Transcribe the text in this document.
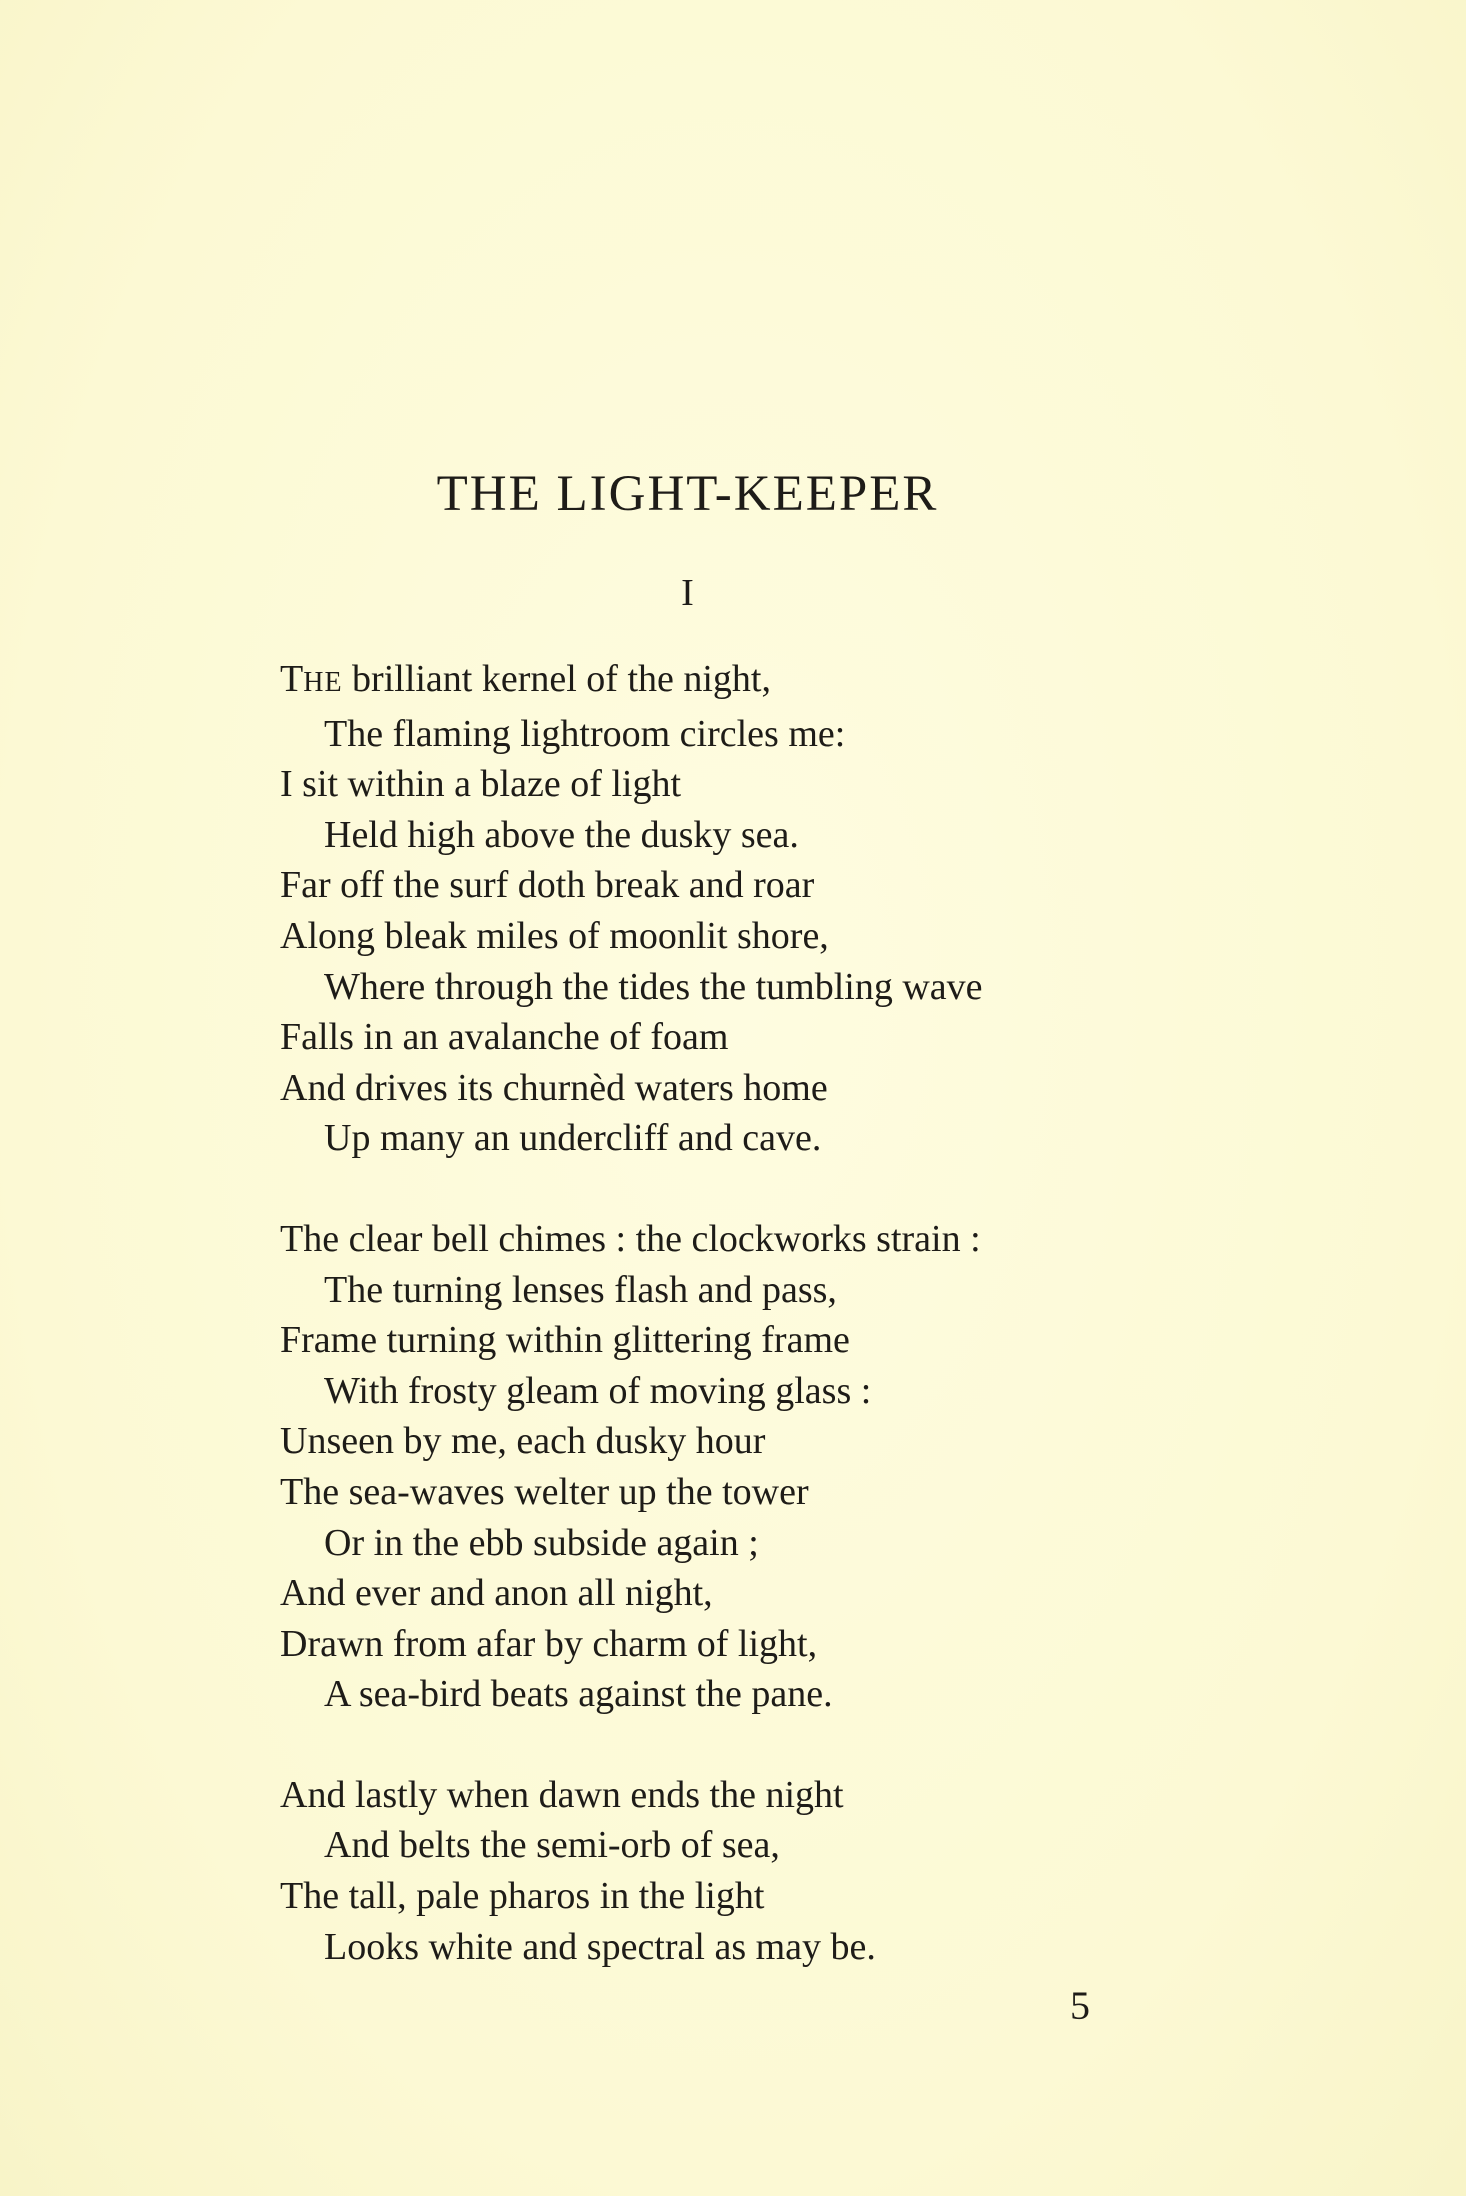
THE LIGHT-KEEPER
I
THE brilliant kernel of the night,
The flaming lightroom circles me:
I sit within a blaze of light
Held high above the dusky sea.
Far off the surf doth break and roar
Along bleak miles of moonlit shore,
Where through the tides the tumbling wave
Falls in an avalanche of foam
And drives its churnèd waters home
Up many an undercliff and cave.
The clear bell chimes : the clockworks strain :
The turning lenses flash and pass,
Frame turning within glittering frame
With frosty gleam of moving glass :
Unseen by me, each dusky hour
The sea-waves welter up the tower
Or in the ebb subside again ;
And ever and anon all night,
Drawn from afar by charm of light,
A sea-bird beats against the pane.
And lastly when dawn ends the night
And belts the semi-orb of sea,
The tall, pale pharos in the light
Looks white and spectral as may be.
5
